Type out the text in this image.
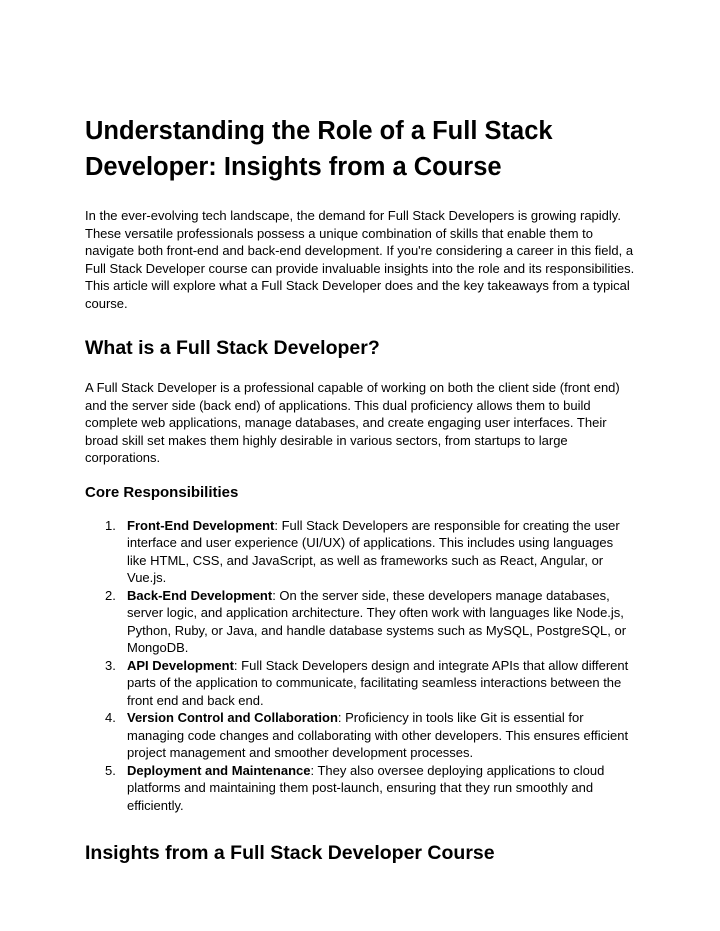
Understanding the Role of a Full Stack Developer: Insights from a Course

In the ever-evolving tech landscape, the demand for Full Stack Developers is growing rapidly. These versatile professionals possess a unique combination of skills that enable them to navigate both front-end and back-end development. If you're considering a career in this field, a Full Stack Developer course can provide invaluable insights into the role and its responsibilities. This article will explore what a Full Stack Developer does and the key takeaways from a typical course.

What is a Full Stack Developer?

A Full Stack Developer is a professional capable of working on both the client side (front end) and the server side (back end) of applications. This dual proficiency allows them to build complete web applications, manage databases, and create engaging user interfaces. Their broad skill set makes them highly desirable in various sectors, from startups to large corporations.

Core Responsibilities
1. Front-End Development: Full Stack Developers are responsible for creating the user interface and user experience (UI/UX) of applications. This includes using languages like HTML, CSS, and JavaScript, as well as frameworks such as React, Angular, or Vue.js.
2. Back-End Development: On the server side, these developers manage databases, server logic, and application architecture. They often work with languages like Node.js, Python, Ruby, or Java, and handle database systems such as MySQL, PostgreSQL, or MongoDB.
3. API Development: Full Stack Developers design and integrate APIs that allow different parts of the application to communicate, facilitating seamless interactions between the front end and back end.
4. Version Control and Collaboration: Proficiency in tools like Git is essential for managing code changes and collaborating with other developers. This ensures efficient project management and smoother development processes.
5. Deployment and Maintenance: They also oversee deploying applications to cloud platforms and maintaining them post-launch, ensuring that they run smoothly and efficiently.
Insights from a Full Stack Developer Course
